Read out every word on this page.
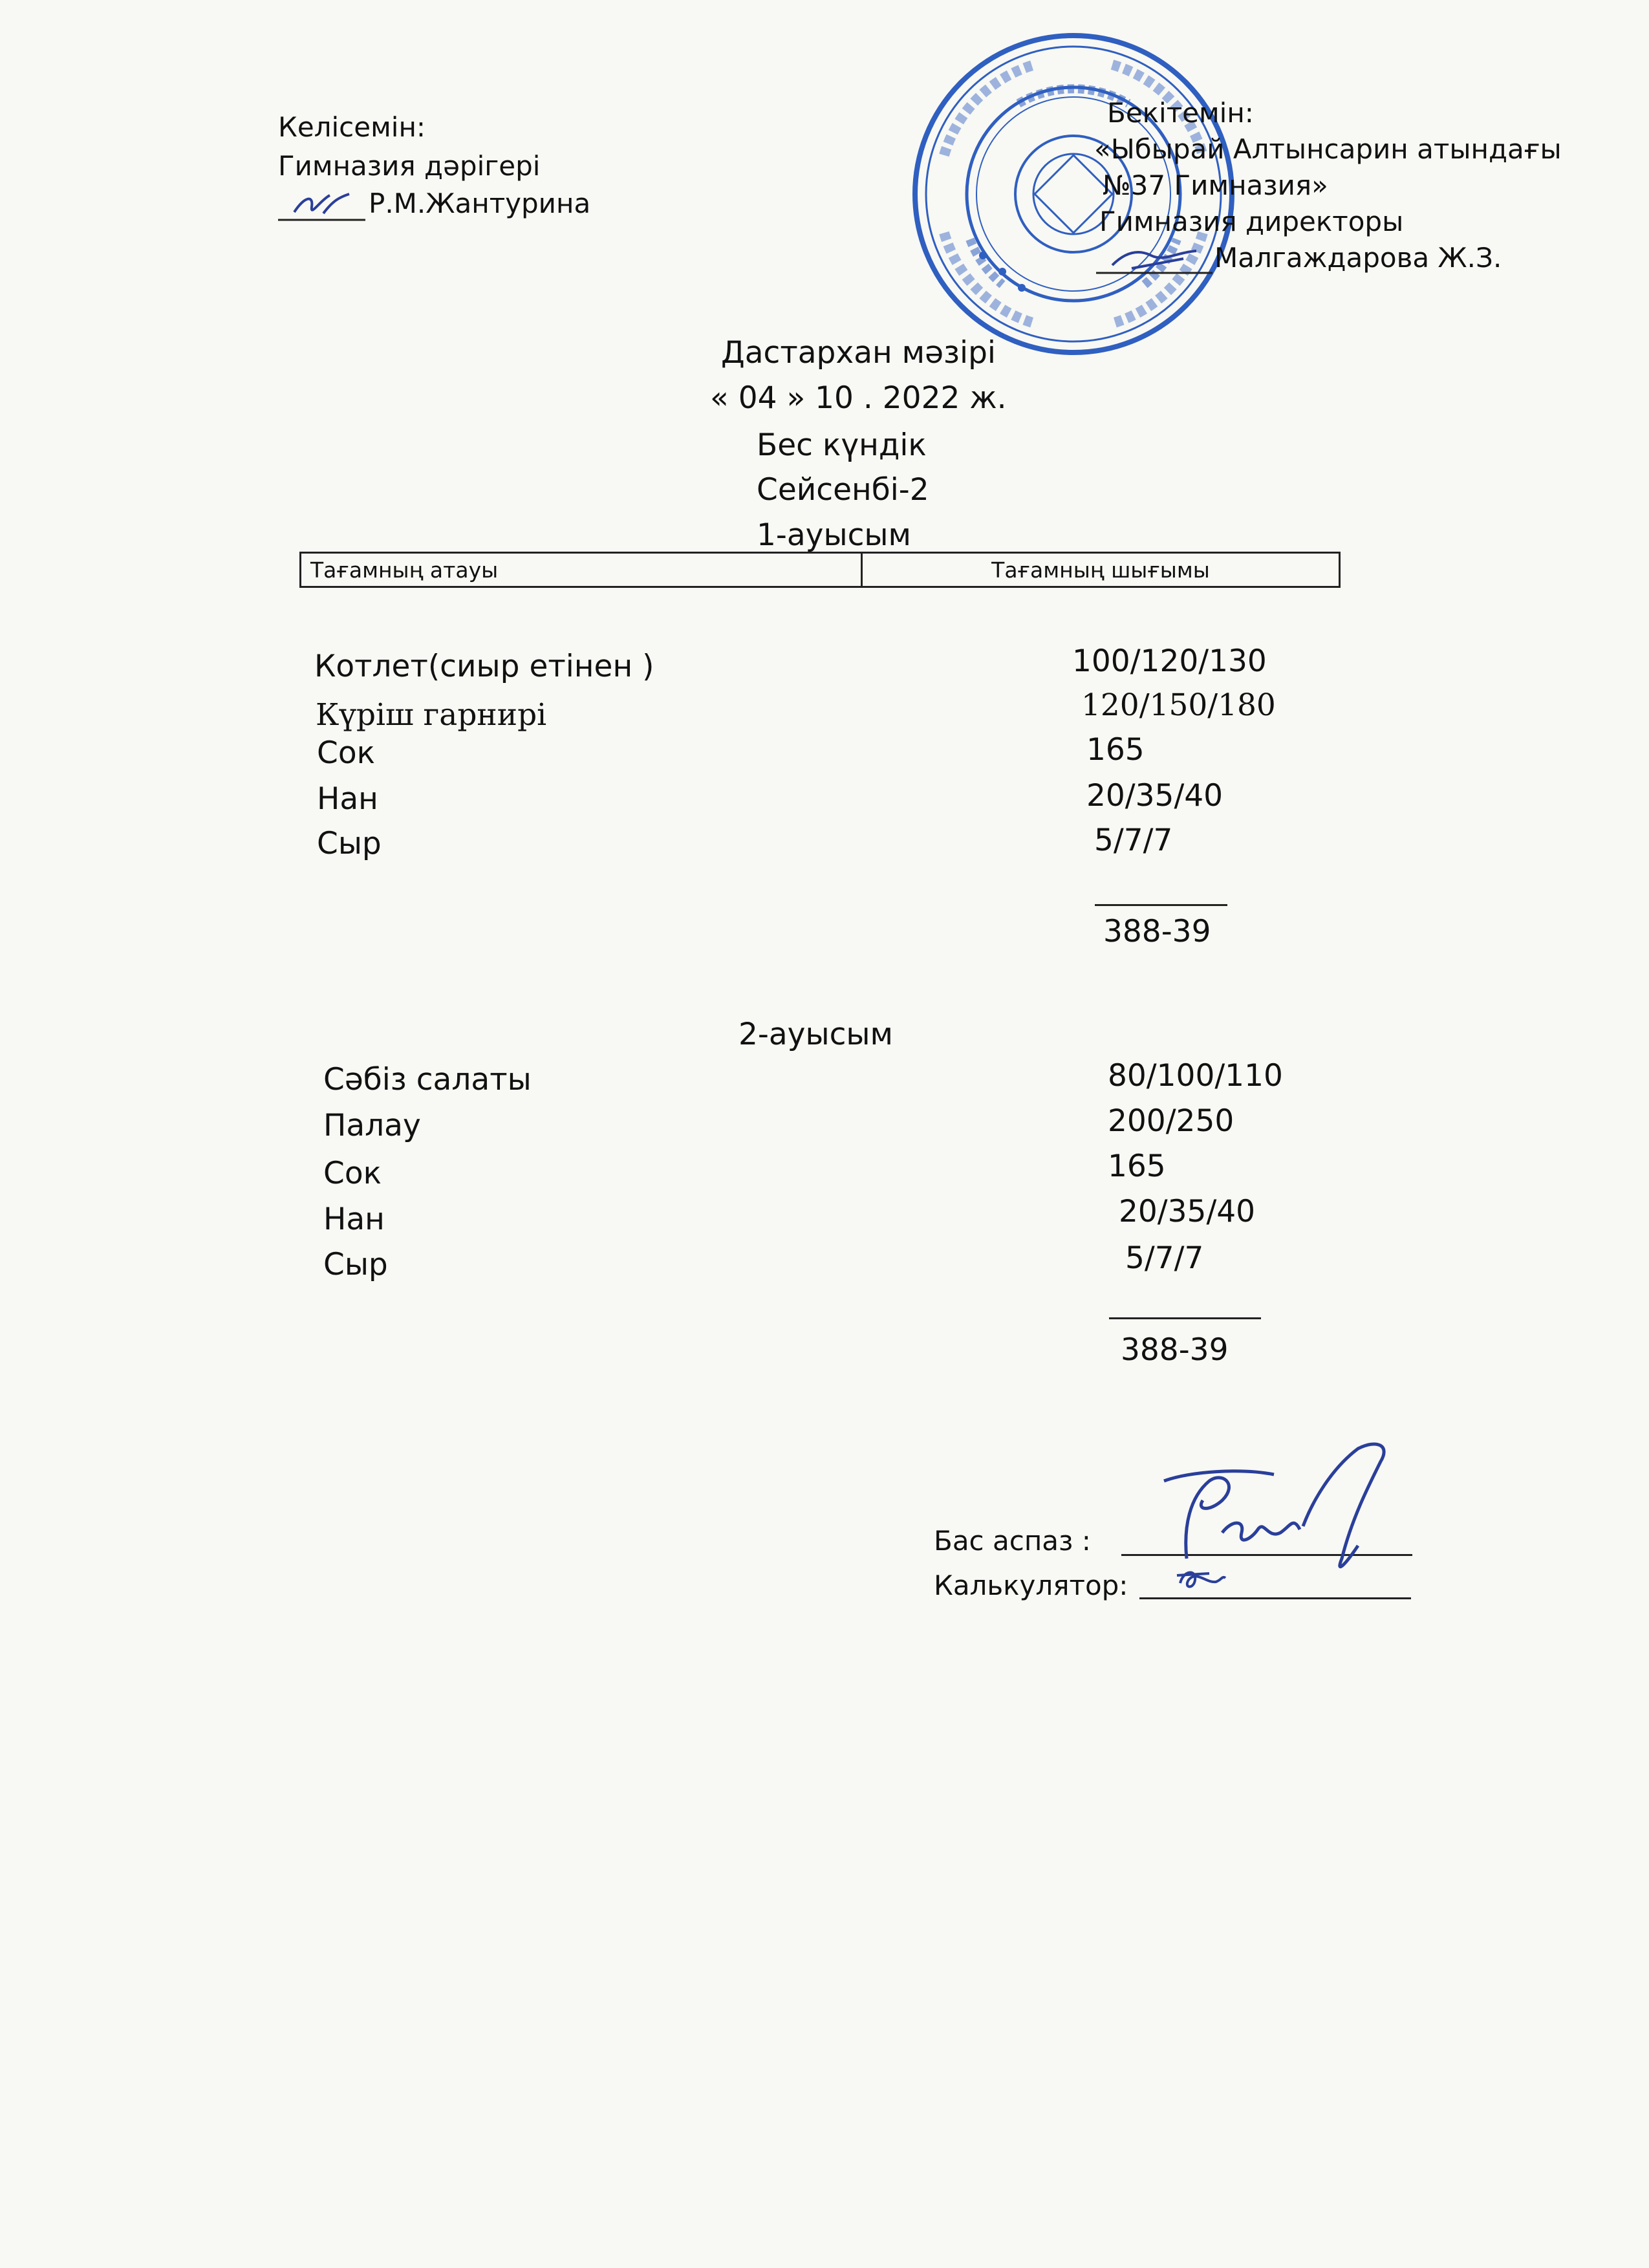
Келісемін:
Гимназия дәрігері
Р.М.Жантурина
Бекітемін:
«Ыбырай Алтынсарин атындағы
№37 Гимназия»
Гимназия директоры
Малгаждарова Ж.З.
Дастархан мәзірі
« 04 » 10 . 2022 ж.
Бес күндік
Сейсенбі-2
1-ауысым
Тағамның атауы	Тағамның шығымы
Котлет(сиыр етінен )	100/120/130
Күріш гарнирі	120/150/180
Сок	165
Нан	20/35/40
Сыр	5/7/7
388-39
2-ауысым
Сәбіз салаты	80/100/110
Палау	200/250
Сок	165
Нан	20/35/40
Сыр	5/7/7
388-39
Бас аспаз :
Калькулятор:
